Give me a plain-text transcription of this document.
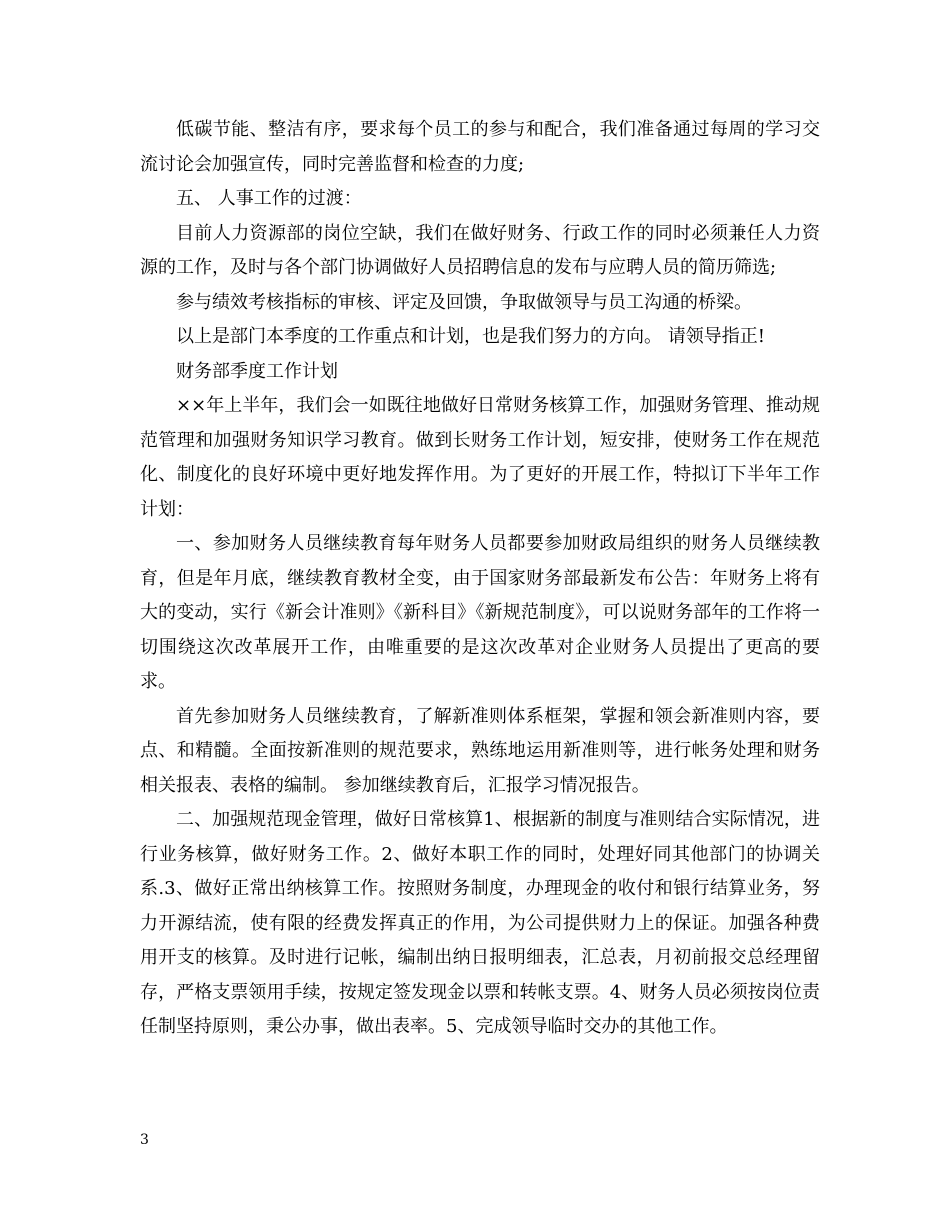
低碳节能、整洁有序，要求每个员工的参与和配合，我们准备通过每周的学习交流讨论会加强宣传，同时完善监督和检查的力度;

五、 人事工作的过渡：

目前人力资源部的岗位空缺，我们在做好财务、行政工作的同时必须兼任人力资源的工作，及时与各个部门协调做好人员招聘信息的发布与应聘人员的简历筛选;

参与绩效考核指标的审核、评定及回馈，争取做领导与员工沟通的桥梁。

以上是部门本季度的工作重点和计划，也是我们努力的方向。 请领导指正!

财务部季度工作计划

××年上半年，我们会一如既往地做好日常财务核算工作，加强财务管理、推动规范管理和加强财务知识学习教育。做到长财务工作计划，短安排，使财务工作在规范化、制度化的良好环境中更好地发挥作用。为了更好的开展工作，特拟订下半年工作计划：

一、参加财务人员继续教育每年财务人员都要参加财政局组织的财务人员继续教育，但是年月底，继续教育教材全变，由于国家财务部最新发布公告：年财务上将有大的变动，实行《新会计准则》《新科目》《新规范制度》，可以说财务部年的工作将一切围绕这次改革展开工作，由唯重要的是这次改革对企业财务人员提出了更高的要求。

首先参加财务人员继续教育，了解新准则体系框架，掌握和领会新准则内容，要点、和精髓。全面按新准则的规范要求，熟练地运用新准则等，进行帐务处理和财务相关报表、表格的编制。 参加继续教育后，汇报学习情况报告。

二、加强规范现金管理，做好日常核算1、根据新的制度与准则结合实际情况，进行业务核算，做好财务工作。2、做好本职工作的同时，处理好同其他部门的协调关系.3、做好正常出纳核算工作。按照财务制度，办理现金的收付和银行结算业务，努力开源结流，使有限的经费发挥真正的作用，为公司提供财力上的保证。加强各种费用开支的核算。及时进行记帐，编制出纳日报明细表，汇总表，月初前报交总经理留存，严格支票领用手续，按规定签发现金以票和转帐支票。4、财务人员必须按岗位责任制坚持原则，秉公办事，做出表率。5、完成领导临时交办的其他工作。

3
